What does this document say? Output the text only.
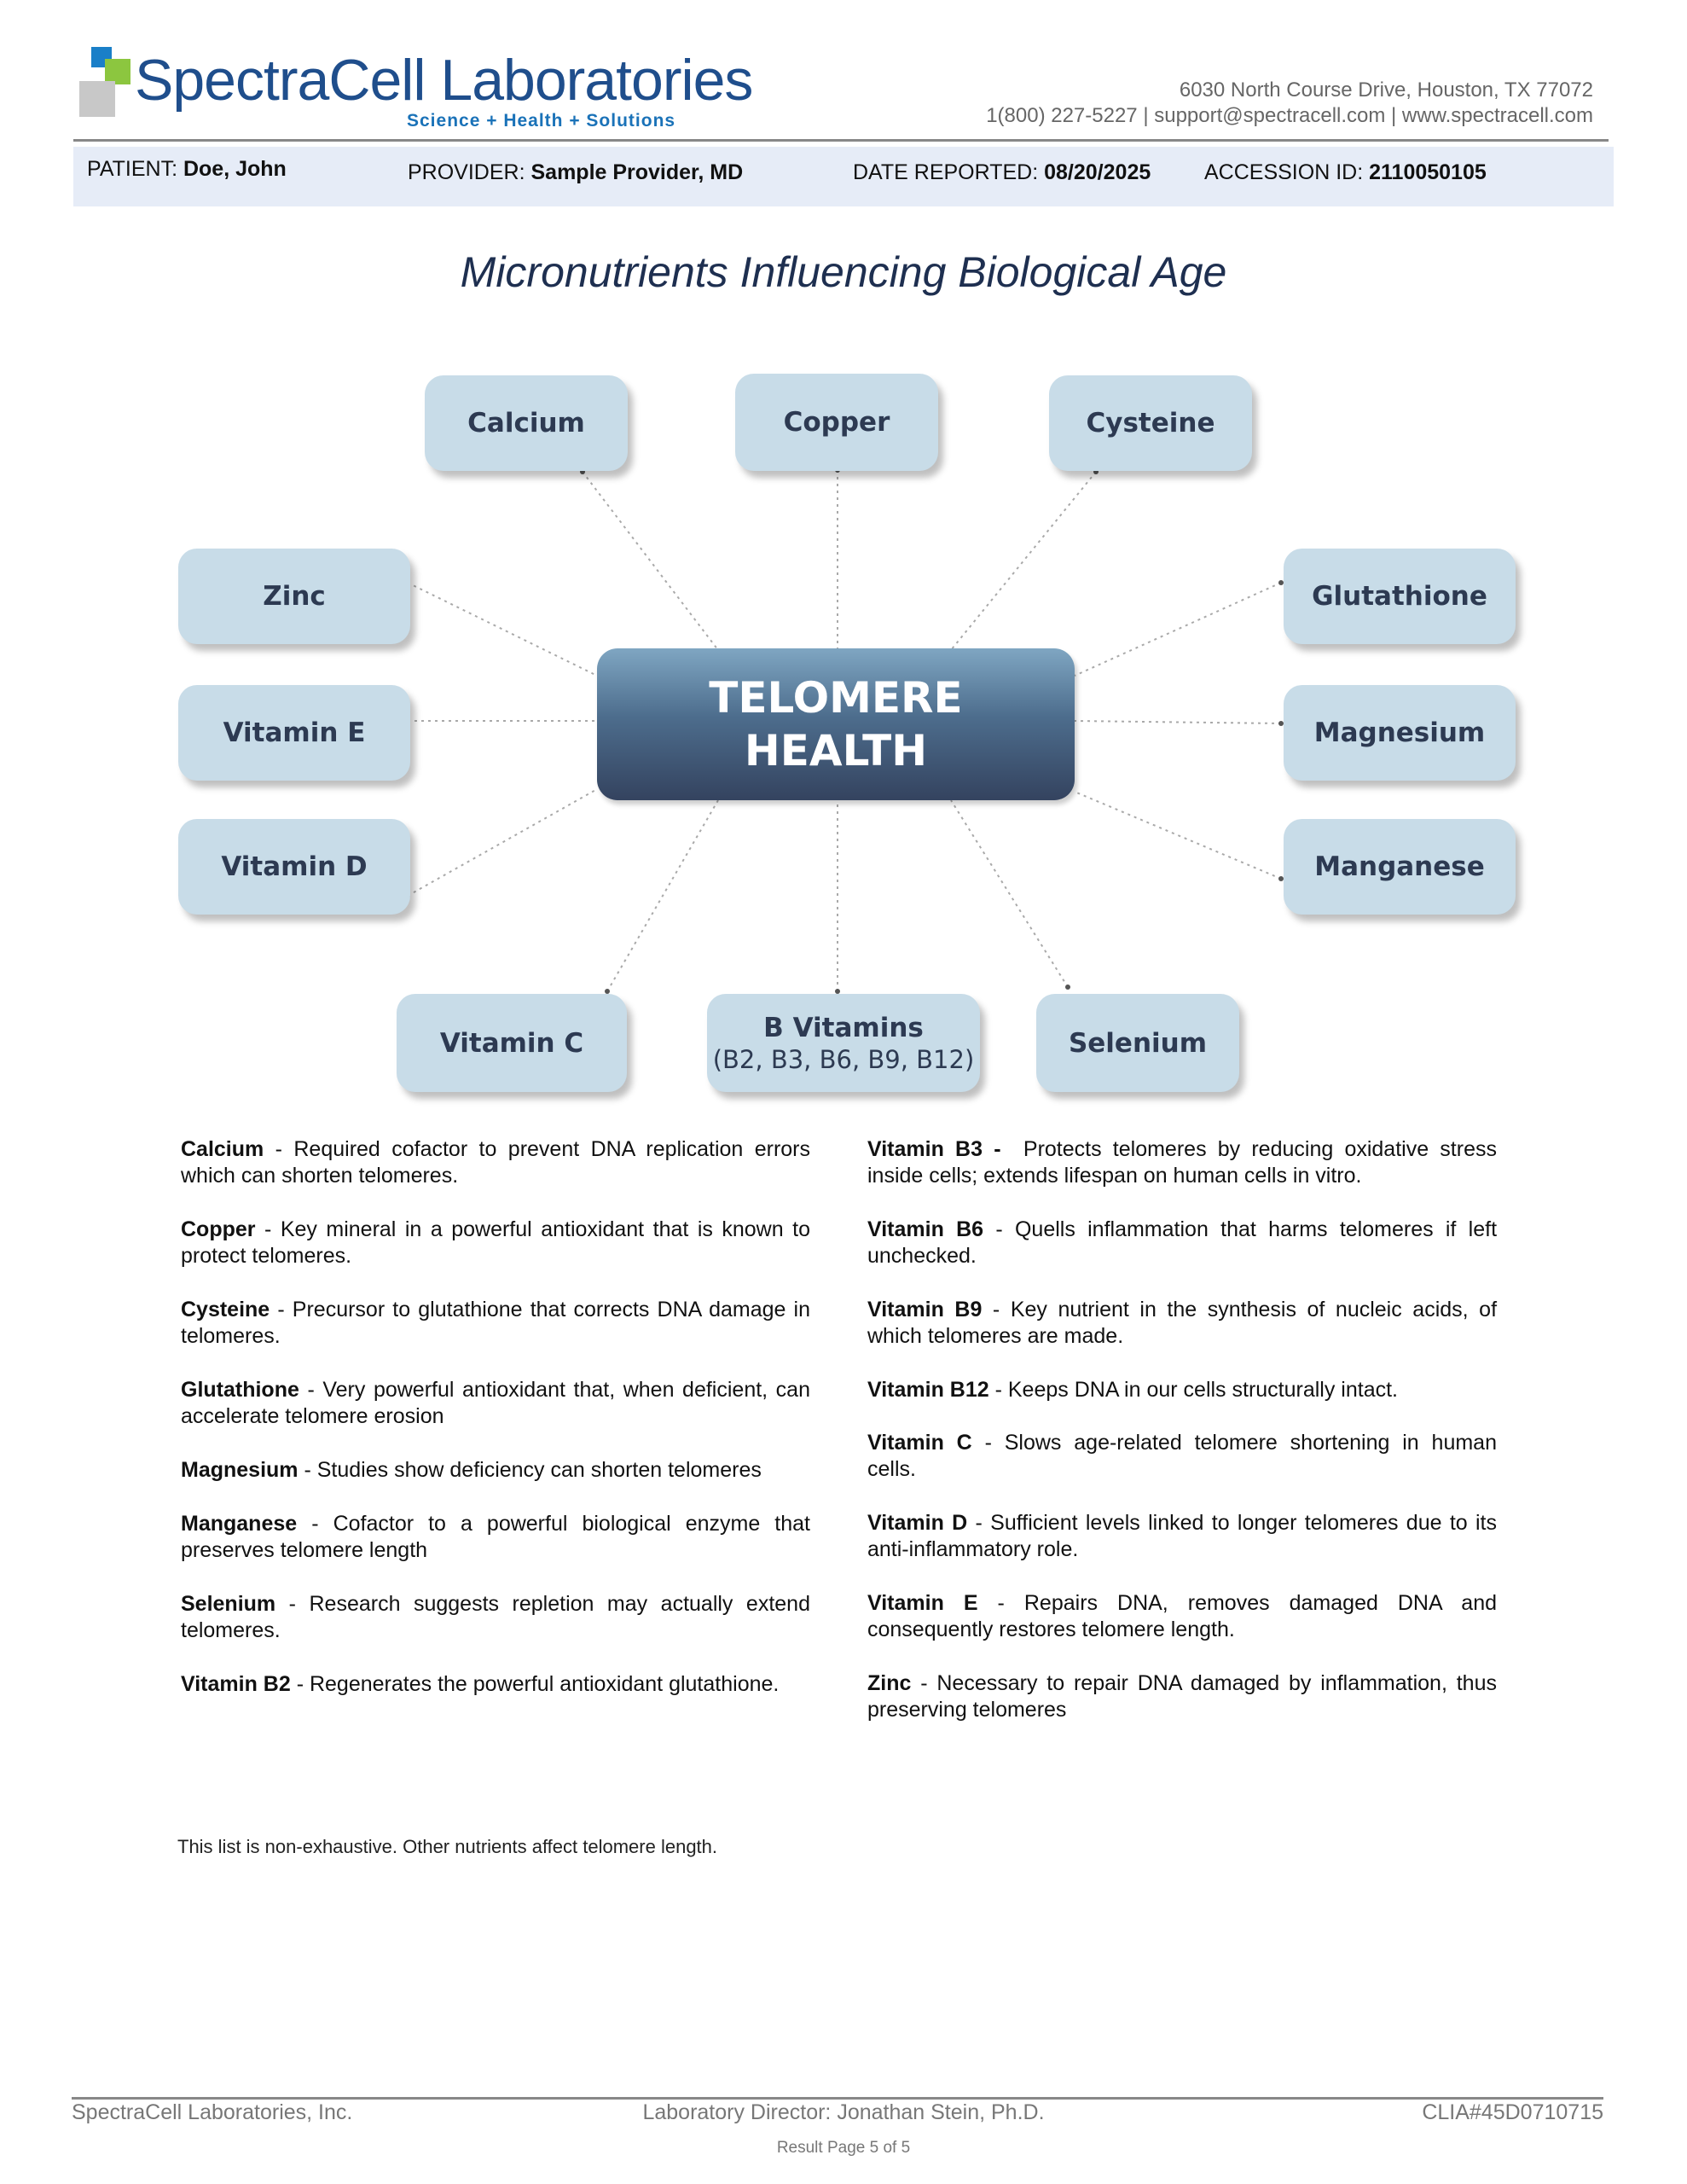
SpectraCell Laboratories
Science + Health + Solutions
6030 North Course Drive, Houston, TX 77072
1(800) 227-5227 | support@spectracell.com | www.spectracell.com
PATIENT: Doe, John	PROVIDER: Sample Provider, MD	DATE REPORTED: 08/20/2025	ACCESSION ID: 2110050105
Micronutrients Influencing Biological Age
Calcium	Copper	Cysteine
Zinc	Glutathione
Vitamin E	Magnesium
Vitamin D	Manganese
TELOMERE
HEALTH
Vitamin C	B Vitamins
(B2, B3, B6, B9, B12)
Selenium

Calcium - Required cofactor to prevent DNA replication errors which can shorten telomeres.

Copper - Key mineral in a powerful antioxidant that is known to protect telomeres.

Cysteine - Precursor to glutathione that corrects DNA damage in telomeres.

Glutathione - Very powerful antioxidant that, when deficient, can accelerate telomere erosion

Magnesium - Studies show deficiency can shorten telomeres

Manganese - Cofactor to a powerful biological enzyme that preserves telomere length

Selenium - Research suggests repletion may actually extend telomeres.

Vitamin B2 - Regenerates the powerful antioxidant glutathione.

Vitamin B3 -  Protects telomeres by reducing oxidative stress inside cells; extends lifespan on human cells in vitro.

Vitamin B6 - Quells inflammation that harms telomeres if left unchecked.

Vitamin B9 - Key nutrient in the synthesis of nucleic acids, of which telomeres are made.

Vitamin B12 - Keeps DNA in our cells structurally intact.

Vitamin C - Slows age-related telomere shortening in human cells.

Vitamin D - Sufficient levels linked to longer telomeres due to its anti-inflammatory role.

Vitamin E - Repairs DNA, removes damaged DNA and consequently restores telomere length.

Zinc - Necessary to repair DNA damaged by inflammation, thus preserving telomeres

This list is non-exhaustive. Other nutrients affect telomere length.
SpectraCell Laboratories, Inc.	Laboratory Director: Jonathan Stein, Ph.D.	CLIA#45D0710715
Result Page 5 of 5
